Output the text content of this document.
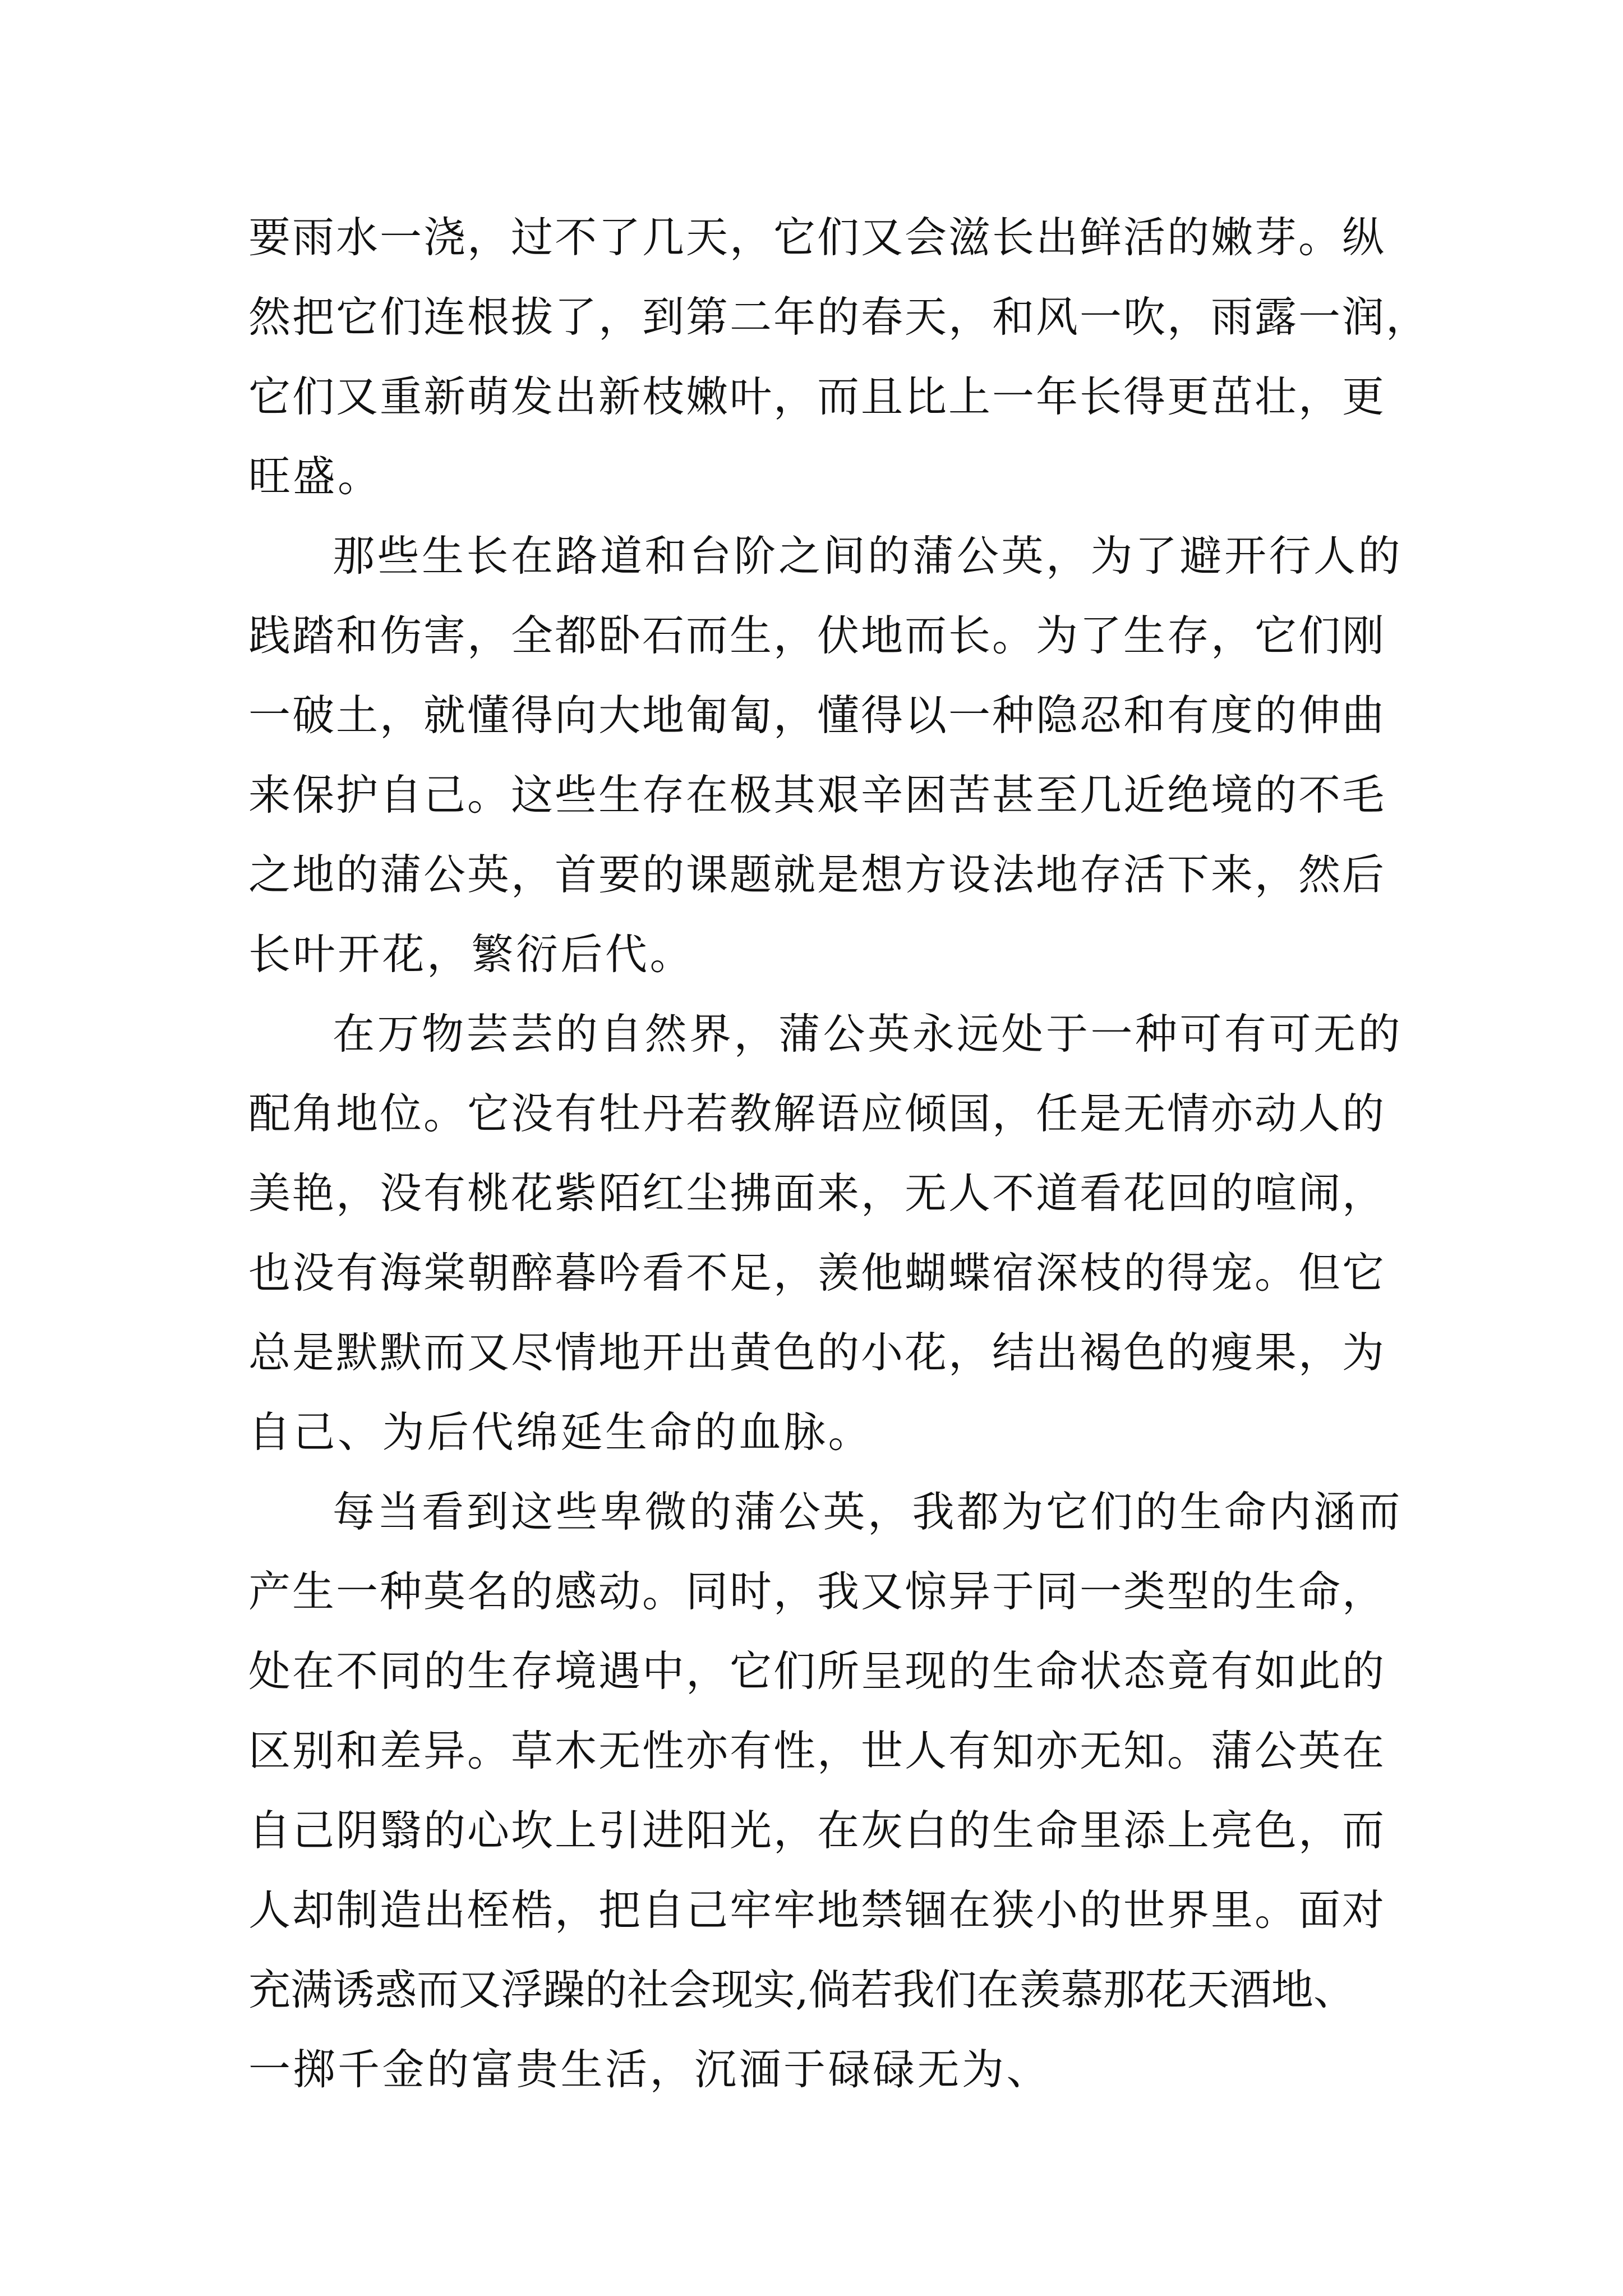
要雨水一浇，过不了几天，它们又会滋长出鲜活的嫩芽。纵
然把它们连根拔了，到第二年的春天，和风一吹，雨露一润，
它们又重新萌发出新枝嫩叶，而且比上一年长得更茁壮，更
旺盛。
那些生长在路道和台阶之间的蒲公英，为了避开行人的
践踏和伤害，全都卧石而生，伏地而长。为了生存，它们刚
一破土，就懂得向大地匍匐，懂得以一种隐忍和有度的伸曲
来保护自己。这些生存在极其艰辛困苦甚至几近绝境的不毛
之地的蒲公英，首要的课题就是想方设法地存活下来，然后
长叶开花，繁衍后代。
在万物芸芸的自然界，蒲公英永远处于一种可有可无的
配角地位。它没有牡丹若教解语应倾国，任是无情亦动人的
美艳，没有桃花紫陌红尘拂面来，无人不道看花回的喧闹，
也没有海棠朝醉暮吟看不足，羡他蝴蝶宿深枝的得宠。但它
总是默默而又尽情地开出黄色的小花，结出褐色的瘦果，为
自己、为后代绵延生命的血脉。
每当看到这些卑微的蒲公英，我都为它们的生命内涵而
产生一种莫名的感动。同时，我又惊异于同一类型的生命，
处在不同的生存境遇中，它们所呈现的生命状态竟有如此的
区别和差异。草木无性亦有性，世人有知亦无知。蒲公英在
自己阴翳的心坎上引进阳光，在灰白的生命里添上亮色，而
人却制造出桎梏，把自己牢牢地禁锢在狭小的世界里。面对
充满诱惑而又浮躁的社会现实,倘若我们在羡慕那花天酒地、
一掷千金的富贵生活，沉湎于碌碌无为、
